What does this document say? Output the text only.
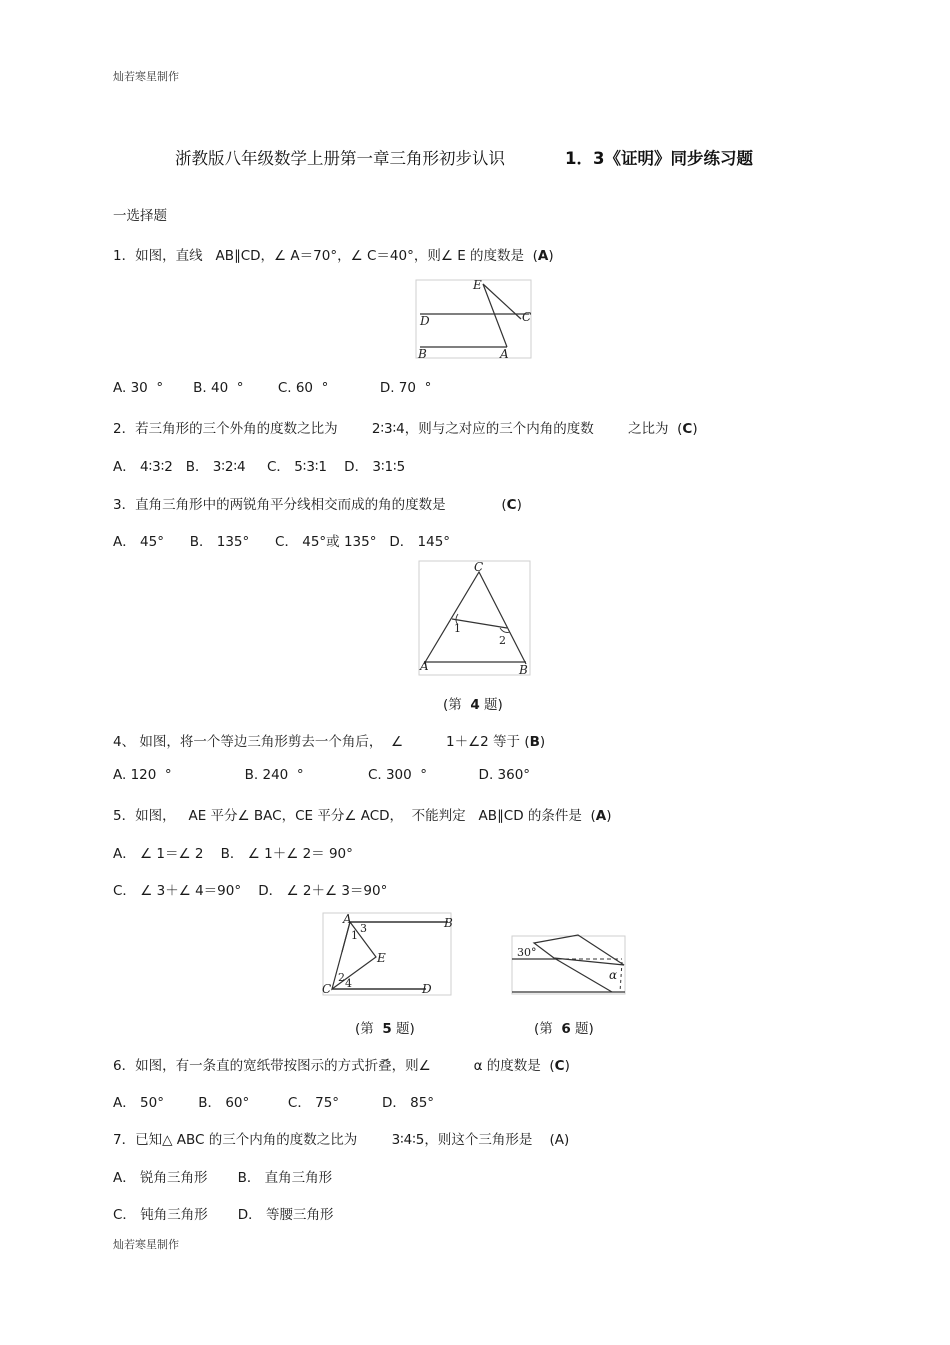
灿若寒星制作
浙教版八年级数学上册第一章三角形初步认识	1．3《证明》同步练习题
一选择题
1．如图，直线   AB∥CD，∠ A＝70°，∠ C＝40°，则∠ E 的度数是  (A)
E
D	C
B	A
A. 30  °       B. 40  °        C. 60  °            D. 70  °
2．若三角形的三个外角的度数之比为        2∶3∶4，则与之对应的三个内角的度数        之比为  (C)
A． 4∶3∶2   B． 3∶2∶4     C． 5∶3∶1    D． 3∶1∶5
3．直角三角形中的两锐角平分线相交而成的角的度数是             (C)
A． 45°      B． 135°      C． 45°或 135°   D． 145°
C
1
2
A	B
(第  4 题)
4、 如图，将一个等边三角形剪去一个角后，  ∠          1＋∠2 等于 (B)
A. 120  °                 B. 240  °               C. 300  °            D. 360°
5．如图，   AE 平分∠ BAC，CE 平分∠ ACD，  不能判定   AB∥CD 的条件是  (A)
A． ∠ 1＝∠ 2    B． ∠ 1＋∠ 2＝ 90°
C． ∠ 3＋∠ 4＝90°    D． ∠ 2＋∠ 3＝90°
A	B
1
3
E
2 4
C	D
30°
α
(第  5 题)	(第  6 题)
6．如图，有一条直的宽纸带按图示的方式折叠，则∠          α 的度数是  (C)
A． 50°        B． 60°         C． 75°          D． 85°
7．已知△ ABC 的三个内角的度数之比为        3∶4∶5，则这个三角形是    (A)
A． 锐角三角形       B． 直角三角形
C． 钝角三角形       D． 等腰三角形
灿若寒星制作
